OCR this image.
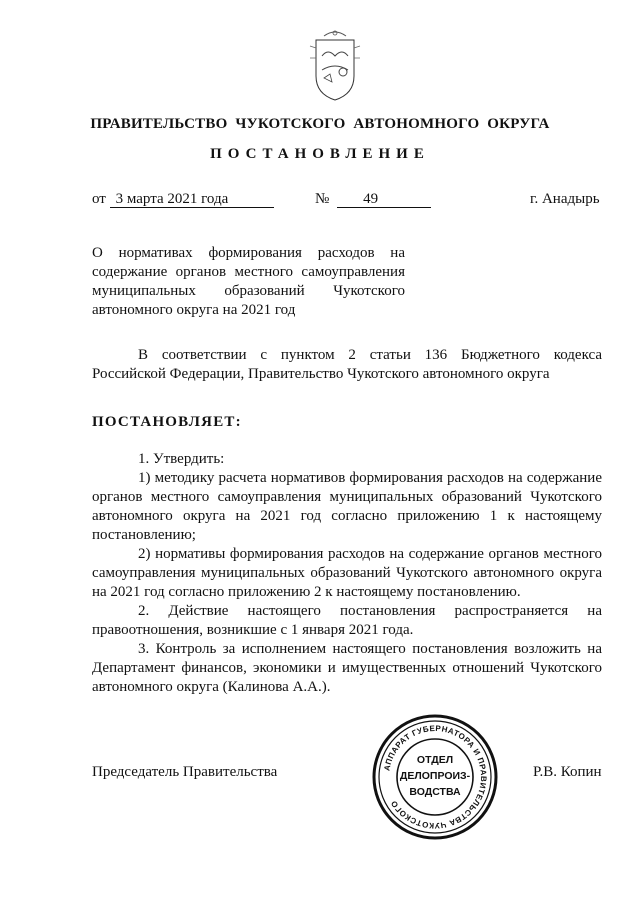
ПРАВИТЕЛЬСТВО ЧУКОТСКОГО АВТОНОМНОГО ОКРУГА
ПОСТАНОВЛЕНИЕ
от 3 марта 2021 года	№ 49	г. Анадырь
О нормативах формирования расходов на
содержание органов местного самоуправления
муниципальных образований Чукотского
автономного округа на 2021 год
В соответствии с пунктом 2 статьи 136 Бюджетного кодекса
Российской Федерации, Правительство Чукотского автономного округа
ПОСТАНОВЛЯЕТ:
1. Утвердить:
1) методику расчета нормативов формирования расходов на содержание органов местного самоуправления муниципальных образований Чукотского автономного округа на 2021 год согласно приложению 1 к настоящему постановлению;
2) нормативы формирования расходов на содержание органов местного самоуправления муниципальных образований Чукотского автономного округа на 2021 год согласно приложению 2 к настоящему постановлению.
2. Действие настоящего постановления распространяется на правоотношения, возникшие с 1 января 2021 года.
3. Контроль за исполнением настоящего постановления возложить на Департамент финансов, экономики и имущественных отношений Чукотского автономного округа (Калинова А.А.).
Председатель Правительства	АППАРАТ ГУБЕРНАТОРА И ПРАВИТЕЛЬСТВА ЧУКОТСКОГО
ОТДЕЛ
ДЕЛОПРОИЗ-
ВОДСТВА
Р.В. Копин
